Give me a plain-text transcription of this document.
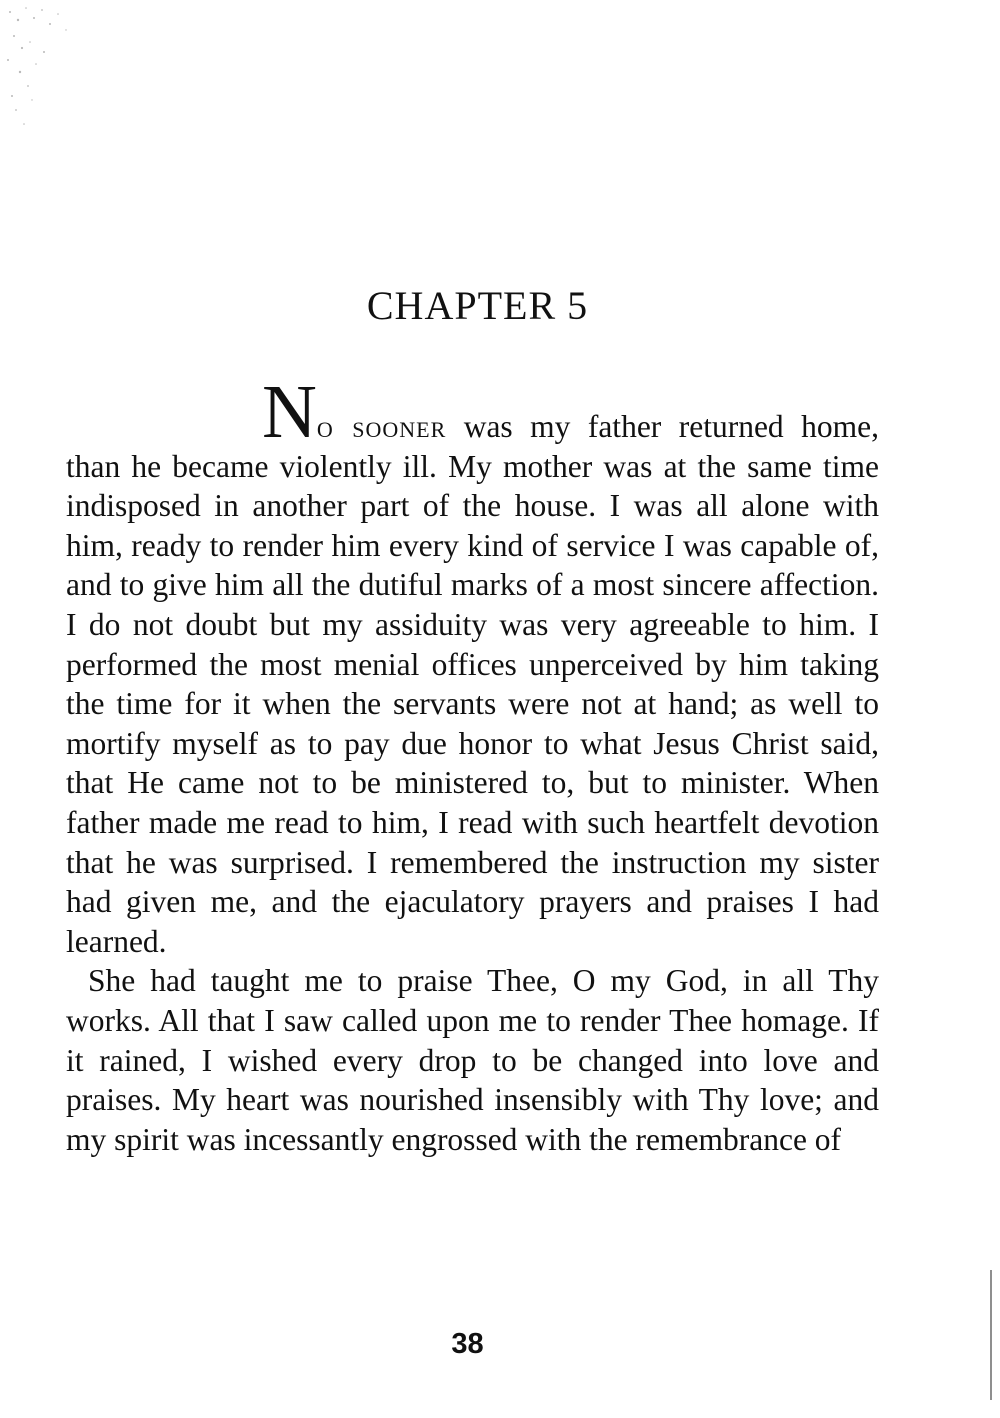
CHAPTER 5

No sooner was my father returned home, than he became violently ill. My mother was at the same time indisposed in another part of the house. I was all alone with him, ready to render him every kind of service I was capable of, and to give him all the dutiful marks of a most sincere affection. I do not doubt but my assiduity was very agreeable to him. I performed the most menial offices unperceived by him taking the time for it when the servants were not at hand; as well to mortify myself as to pay due honor to what Jesus Christ said, that He came not to be ministered to, but to minister. When father made me read to him, I read with such heartfelt devotion that he was surprised. I remembered the instruction my sister had given me, and the ejaculatory prayers and praises I had learned.

She had taught me to praise Thee, O my God, in all Thy works. All that I saw called upon me to render Thee homage. If it rained, I wished every drop to be changed into love and praises. My heart was nourished insensibly with Thy love; and my spirit was incessantly engrossed with the remembrance of

38
